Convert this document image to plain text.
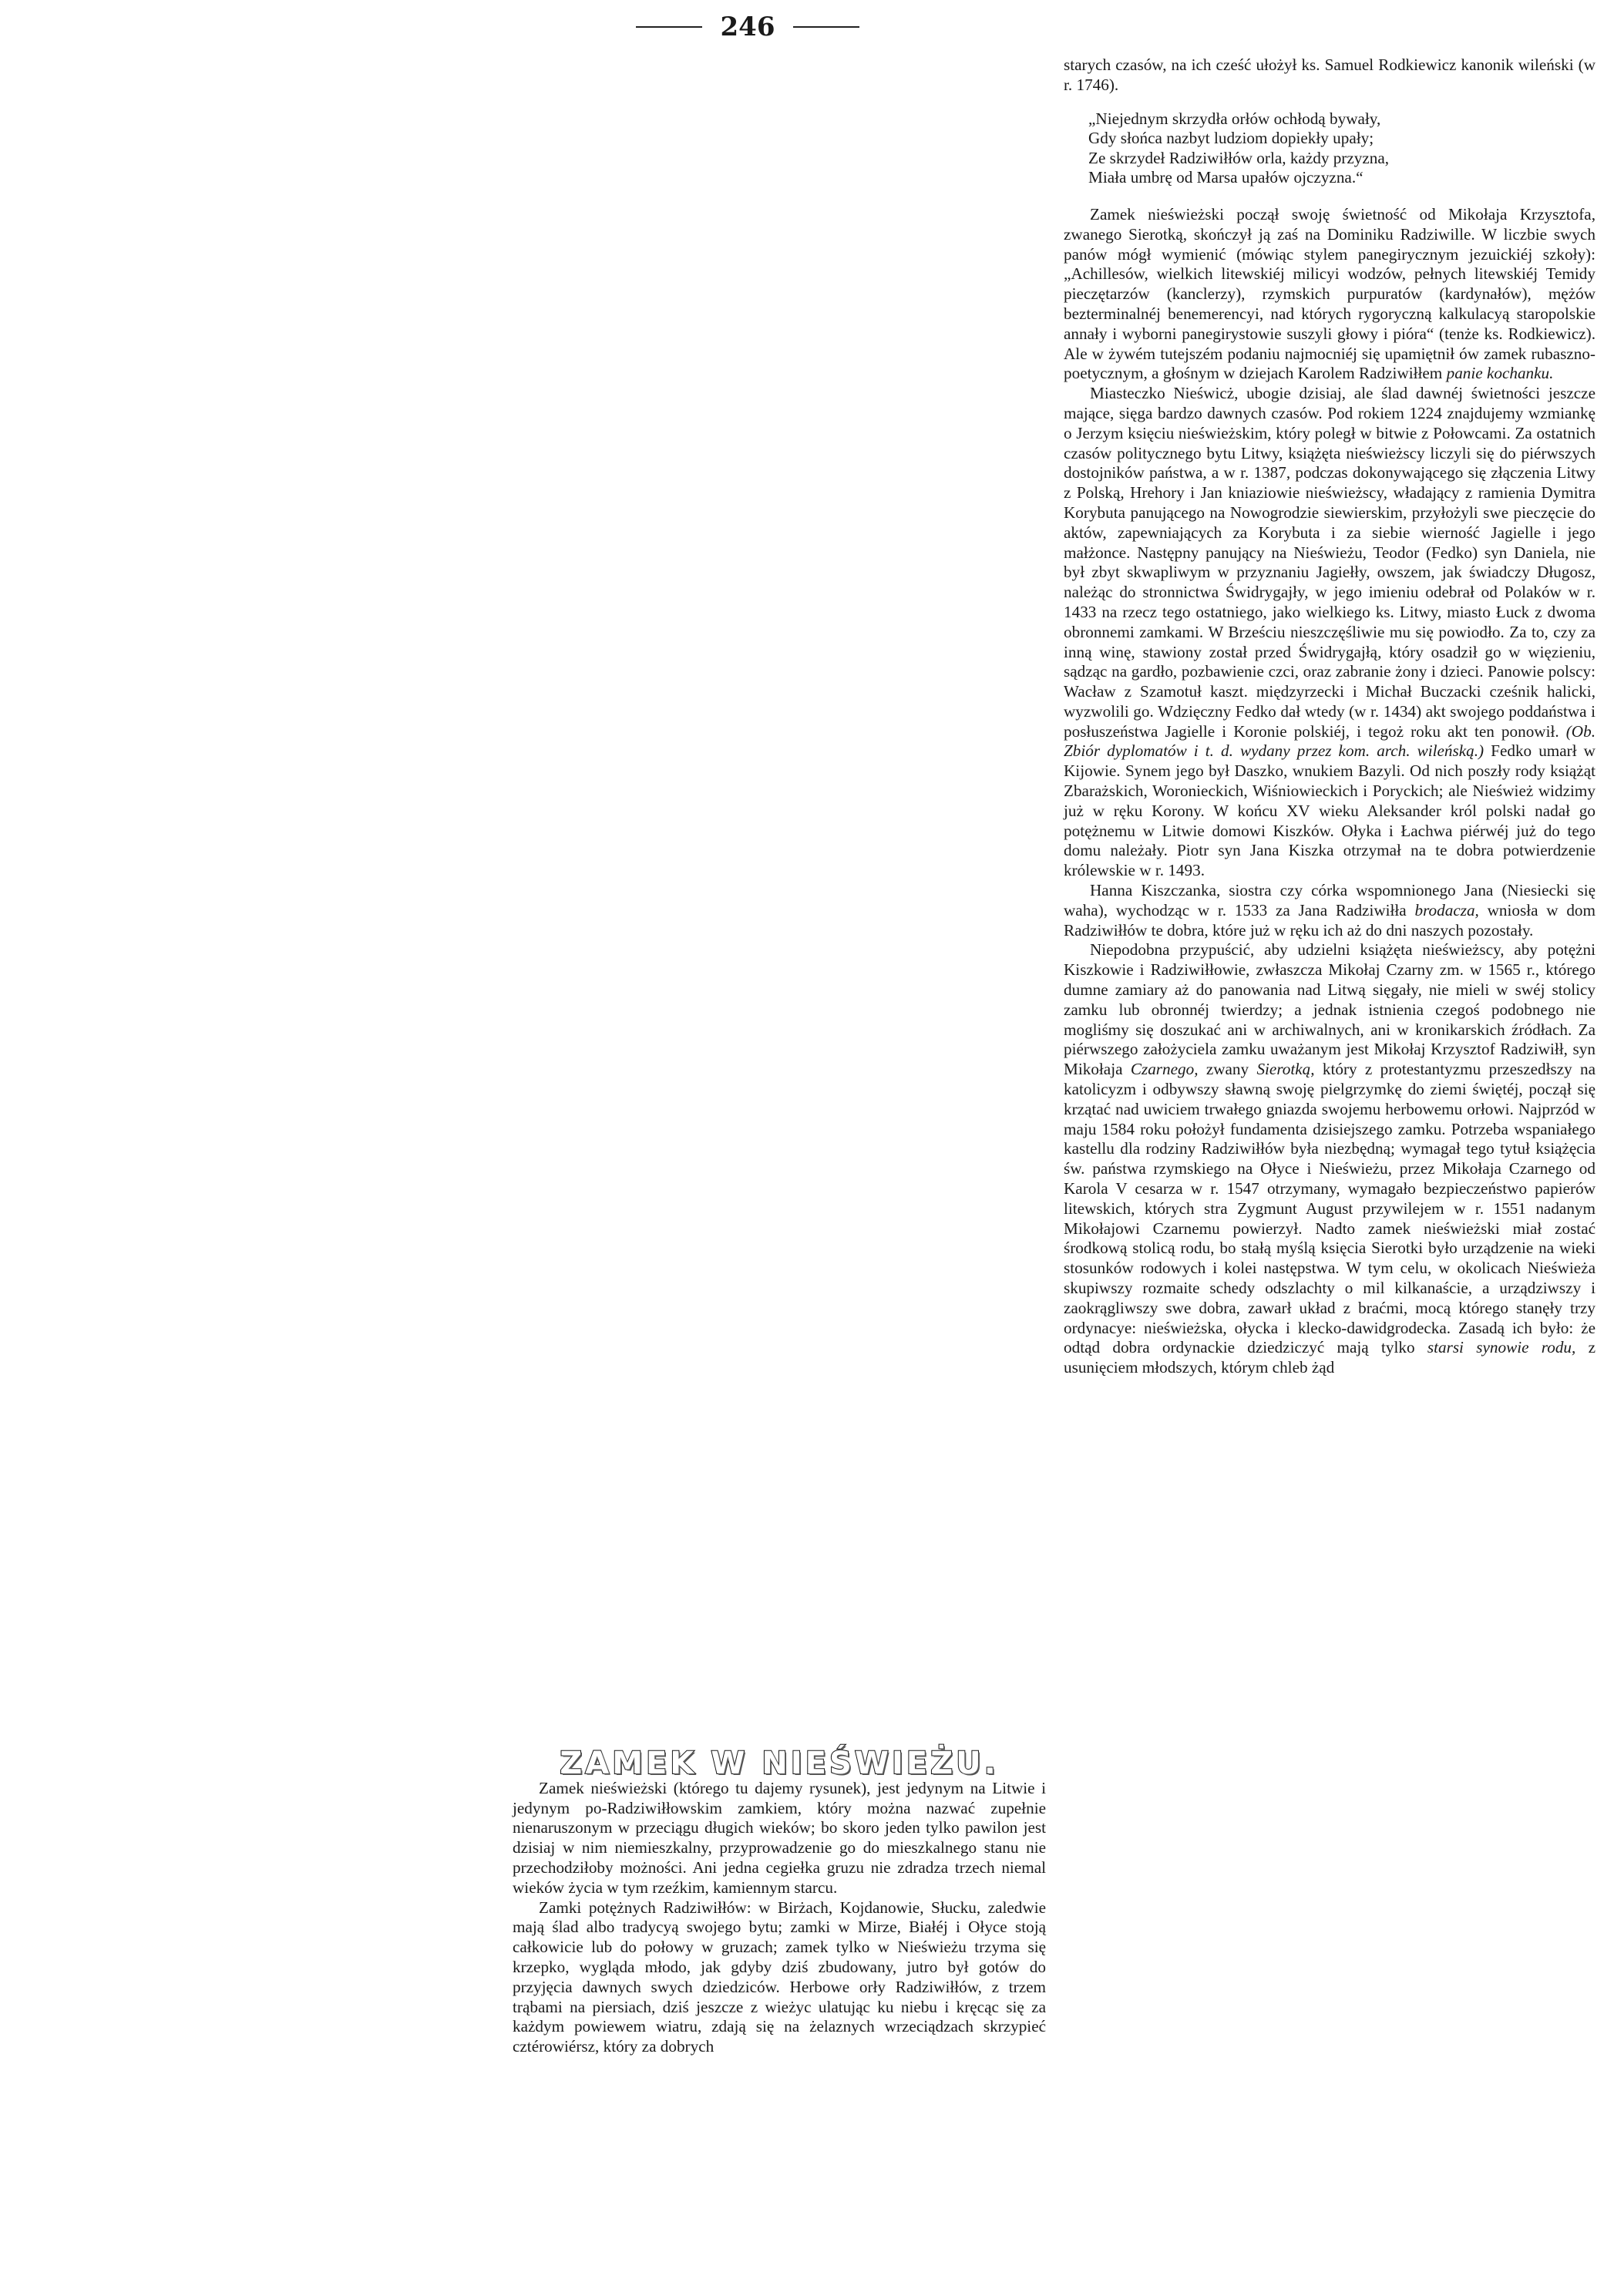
246

starych czasów, na ich cześć ułożył ks. Samuel Rodkiewicz kanonik wileński (w r. 1746).

„Niejednym skrzydła orłów ochłodą bywały,
Gdy słońca nazbyt ludziom dopiekły upały;
Ze skrzydeł Radziwiłłów orla, każdy przyzna,
Miała umbrę od Marsa upałów ojczyzna.“

Zamek nieświeżski począł swoję świetność od Mikołaja Krzysztofa, zwanego Sierotką, skończył ją zaś na Dominiku Radziwille. W liczbie swych panów mógł wymienić (mówiąc stylem panegirycznym jezuickiéj szkoły): „Achillesów, wielkich litewskiéj milicyi wodzów, pełnych litewskiéj Temidy pieczętarzów (kanclerzy), rzymskich purpuratów (kardynałów), mężów bezterminalnéj benemerencyi, nad których rygoryczną kalkulacyą staropolskie annały i wyborni panegirystowie suszyli głowy i pióra“ (tenże ks. Rodkiewicz). Ale w żywém tutejszém podaniu najmocniéj się upamiętnił ów zamek rubaszno-poetycznym, a głośnym w dziejach Karolem Radziwiłłem panie kochanku.

Miasteczko Nieświcż, ubogie dzisiaj, ale ślad dawnéj świetności jeszcze mające, sięga bardzo dawnych czasów. Pod rokiem 1224 znajdujemy wzmiankę o Jerzym księciu nieświeżskim, który poległ w bitwie z Połowcami. Za ostatnich czasów politycznego bytu Litwy, książęta nieświeżscy liczyli się do piérwszych dostojników państwa, a w r. 1387, podczas dokonywającego się złączenia Litwy z Polską, Hrehory i Jan kniaziowie nieświeżscy, władający z ramienia Dymitra Korybuta panującego na Nowogrodzie siewierskim, przyłożyli swe pieczęcie do aktów, zapewniających za Korybuta i za siebie wierność Jagielle i jego małżonce. Następny panujący na Nieświeżu, Teodor (Fedko) syn Daniela, nie był zbyt skwapliwym w przyznaniu Jagiełły, owszem, jak świadczy Długosz, należąc do stronnictwa Świdrygajły, w jego imieniu odebrał od Polaków w r. 1433 na rzecz tego ostatniego, jako wielkiego ks. Litwy, miasto Łuck z dwoma obronnemi zamkami. W Brześciu nieszczęśliwie mu się powiodło. Za to, czy za inną winę, stawiony został przed Świdrygajłą, który osadził go w więzieniu, sądząc na gardło, pozbawienie czci, oraz zabranie żony i dzieci. Panowie polscy: Wacław z Szamotuł kaszt. międzyrzecki i Michał Buczacki cześnik halicki, wyzwolili go. Wdzięczny Fedko dał wtedy (w r. 1434) akt swojego poddaństwa i posłuszeństwa Jagielle i Koronie polskiéj, i tegoż roku akt ten ponowił. (Ob. Zbiór dyplomatów i t. d. wydany przez kom. arch. wileńską.) Fedko umarł w Kijowie. Synem jego był Daszko, wnukiem Bazyli. Od nich poszły rody książąt Zbarażskich, Woronieckich, Wiśniowieckich i Poryckich; ale Nieśwież widzimy już w ręku Korony. W końcu XV wieku Aleksander król polski nadał go potężnemu w Litwie domowi Kiszków. Ołyka i Łachwa piérwéj już do tego domu należały. Piotr syn Jana Kiszka otrzymał na te dobra potwierdzenie królewskie w r. 1493.

Hanna Kiszczanka, siostra czy córka wspomnionego Jana (Niesiecki się waha), wychodząc w r. 1533 za Jana Radziwiłła brodacza, wniosła w dom Radziwiłłów te dobra, które już w ręku ich aż do dni naszych pozostały.

Niepodobna przypuścić, aby udzielni książęta nieświeżscy, aby potężni Kiszkowie i Radziwiłłowie, zwłaszcza Mikołaj Czarny zm. w 1565 r., którego dumne zamiary aż do panowania nad Litwą sięgały, nie mieli w swéj stolicy zamku lub obronnéj twierdzy; a jednak istnienia czegoś podobnego nie mogliśmy się doszukać ani w archiwalnych, ani w kronikarskich źródłach. Za piérwszego założyciela zamku uważanym jest Mikołaj Krzysztof Radziwiłł, syn Mikołaja Czarnego, zwany Sierotką, który z protestantyzmu przeszedłszy na katolicyzm i odbywszy sławną swoję pielgrzymkę do ziemi świętéj, począł się krzątać nad uwiciem trwałego gniazda swojemu herbowemu orłowi. Najprzód w maju 1584 roku położył fundamenta dzisiejszego zamku. Potrzeba wspaniałego kastellu dla rodziny Radziwiłłów była niezbędną; wymagał tego tytuł książęcia św. państwa rzymskiego na Ołyce i Nieświeżu, przez Mikołaja Czarnego od Karola V cesarza w r. 1547 otrzymany, wymagało bezpieczeństwo papierów litewskich, których stra Zygmunt August przywilejem w r. 1551 nadanym Mikołajowi Czarnemu powierzył. Nadto zamek nieświeżski miał zostać środkową stolicą rodu, bo stałą myślą księcia Sierotki było urządzenie na wieki stosunków rodowych i kolei następstwa. W tym celu, w okolicach Nieświeża skupiwszy rozmaite schedy odszlachty o mil kilkanaście, a urządziwszy i zaokrągliwszy swe dobra, zawarł układ z braćmi, mocą którego stanęły trzy ordynacye: nieświeżska, ołycka i klecko-dawidgrodecka. Zasadą ich było: że odtąd dobra ordynackie dziedziczyć mają tylko starsi synowie rodu, z usunięciem młodszych, którym chleb żąd

ZAMEK W NIEŚWIEŻU.

Zamek nieświeżski (którego tu dajemy rysunek), jest jedynym na Litwie i jedynym po-Radziwiłłowskim zamkiem, który można nazwać zupełnie nienaruszonym w przeciągu długich wieków; bo skoro jeden tylko pawilon jest dzisiaj w nim niemieszkalny, przyprowadzenie go do mieszkalnego stanu nie przechodziłoby możności. Ani jedna cegiełka gruzu nie zdradza trzech niemal wieków życia w tym rzeźkim, kamiennym starcu.

Zamki potężnych Radziwiłłów: w Birżach, Kojdanowie, Słucku, zaledwie mają ślad albo tradycyą swojego bytu; zamki w Mirze, Białéj i Ołyce stoją całkowicie lub do połowy w gruzach; zamek tylko w Nieświeżu trzyma się krzepko, wygląda młodo, jak gdyby dziś zbudowany, jutro był gotów do przyjęcia dawnych swych dziedziców. Herbowe orły Radziwiłłów, z trzem trąbami na piersiach, dziś jeszcze z wieżyc ulatując ku niebu i kręcąc się za każdym powiewem wiatru, zdają się na żelaznych wrzeciądzach skrzypieć cztérowiérsz, który za dobrych
